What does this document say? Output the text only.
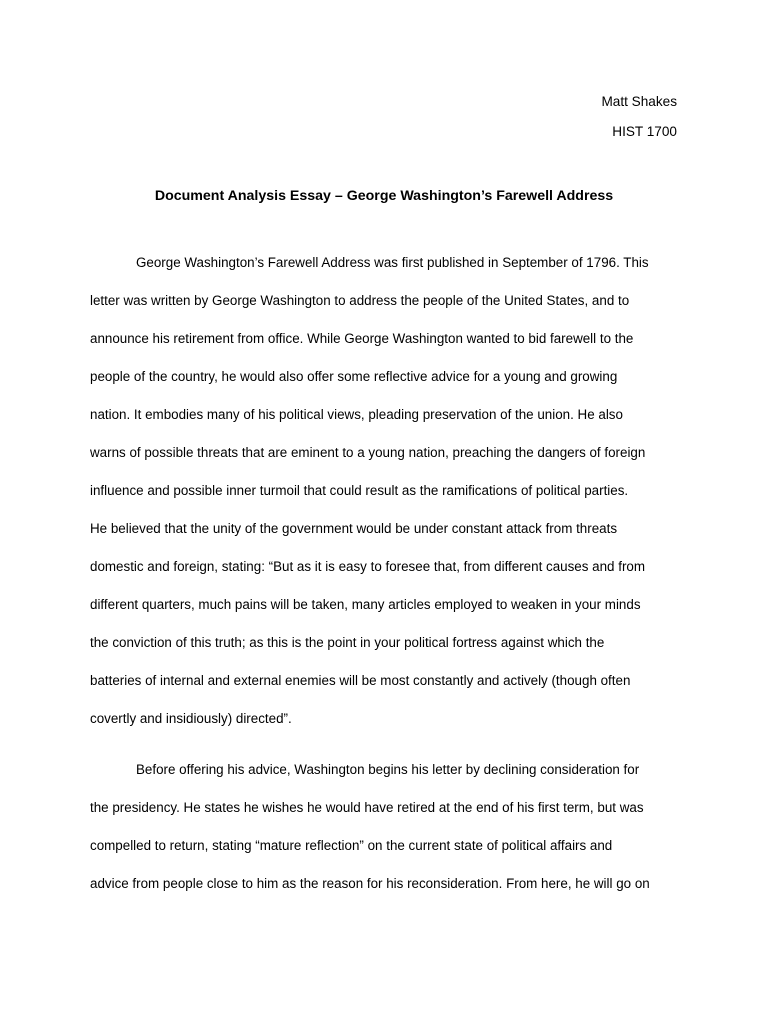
Matt Shakes
HIST 1700
Document Analysis Essay – George Washington’s Farewell Address
George Washington’s Farewell Address was first published in September of 1796. This
letter was written by George Washington to address the people of the United States, and to
announce his retirement from office. While George Washington wanted to bid farewell to the
people of the country, he would also offer some reflective advice for a young and growing
nation. It embodies many of his political views, pleading preservation of the union. He also
warns of possible threats that are eminent to a young nation, preaching the dangers of foreign
influence and possible inner turmoil that could result as the ramifications of political parties.
He believed that the unity of the government would be under constant attack from threats
domestic and foreign, stating: “But as it is easy to foresee that, from different causes and from
different quarters, much pains will be taken, many articles employed to weaken in your minds
the conviction of this truth; as this is the point in your political fortress against which the
batteries of internal and external enemies will be most constantly and actively (though often
covertly and insidiously) directed”.
Before offering his advice, Washington begins his letter by declining consideration for
the presidency. He states he wishes he would have retired at the end of his first term, but was
compelled to return, stating “mature reflection” on the current state of political affairs and
advice from people close to him as the reason for his reconsideration. From here, he will go on
